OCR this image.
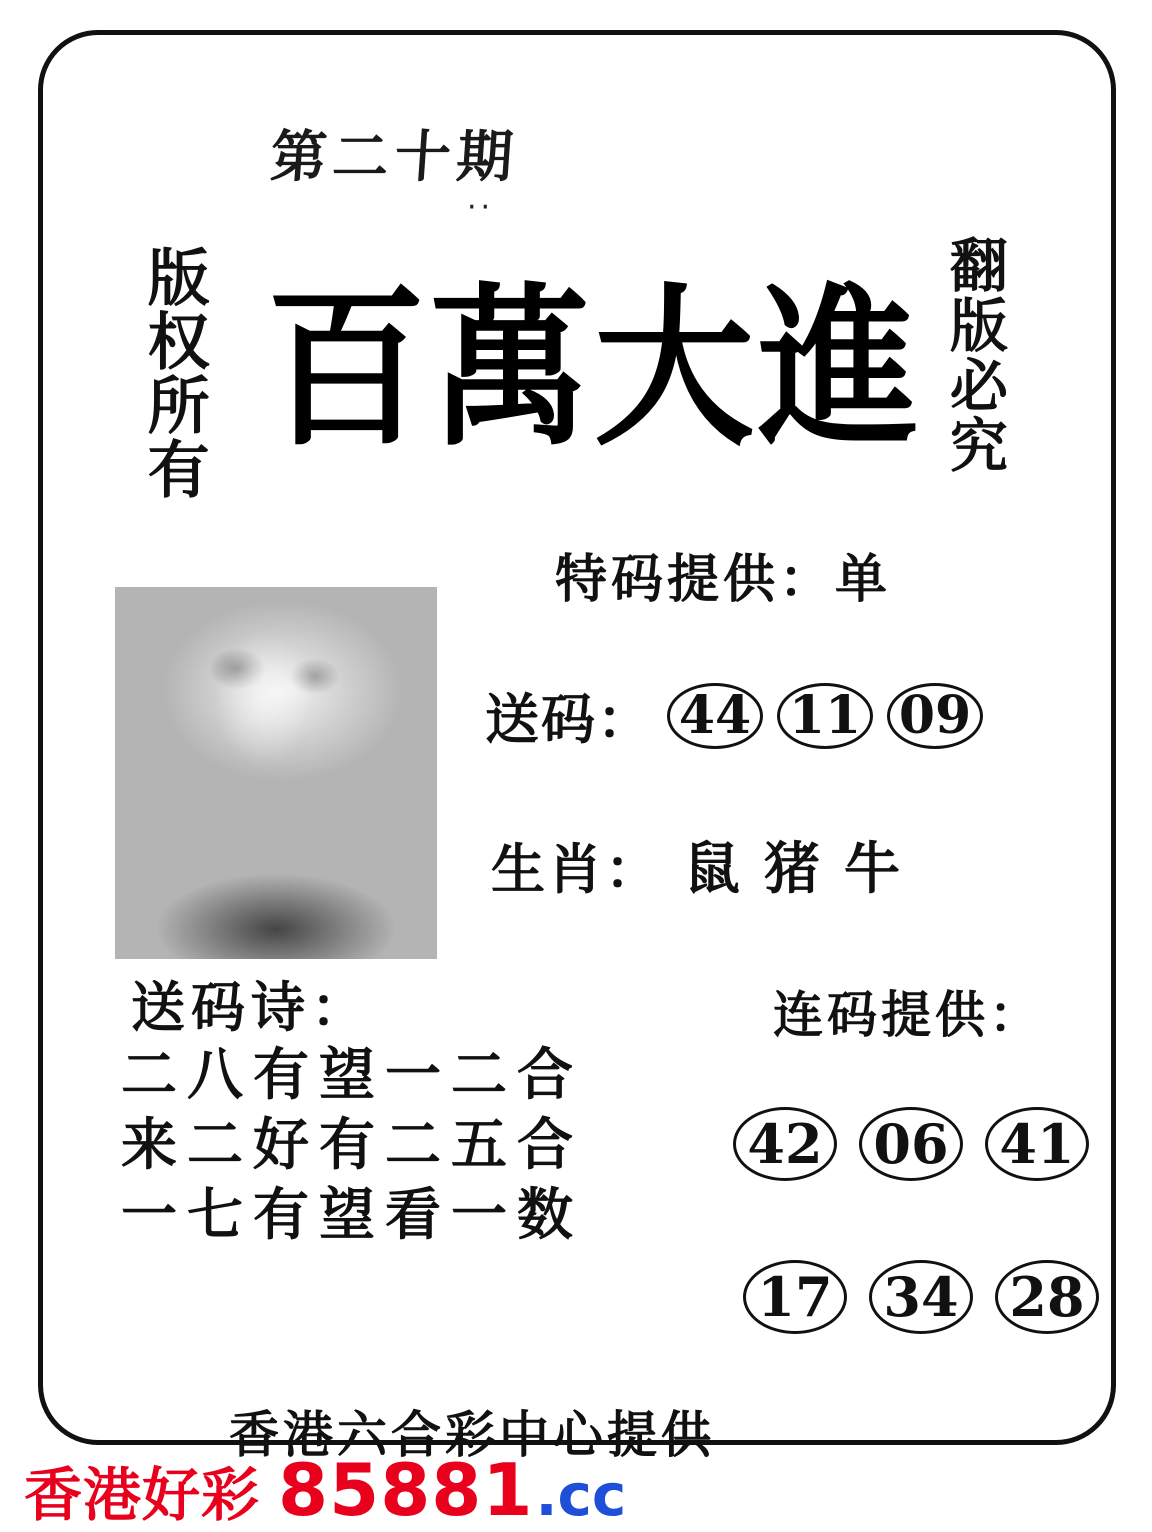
第二十期
··
版权所有	翻版必究
百萬大進
特码提供：单
送码： 44 11 09
生肖： 鼠 猪 牛
送码诗：
二八有望一二合
来二好有二五合
一七有望看一数
连码提供：
42 06 41
17 34 28
香港六合彩中心提供
香港好彩 85881 .cc
